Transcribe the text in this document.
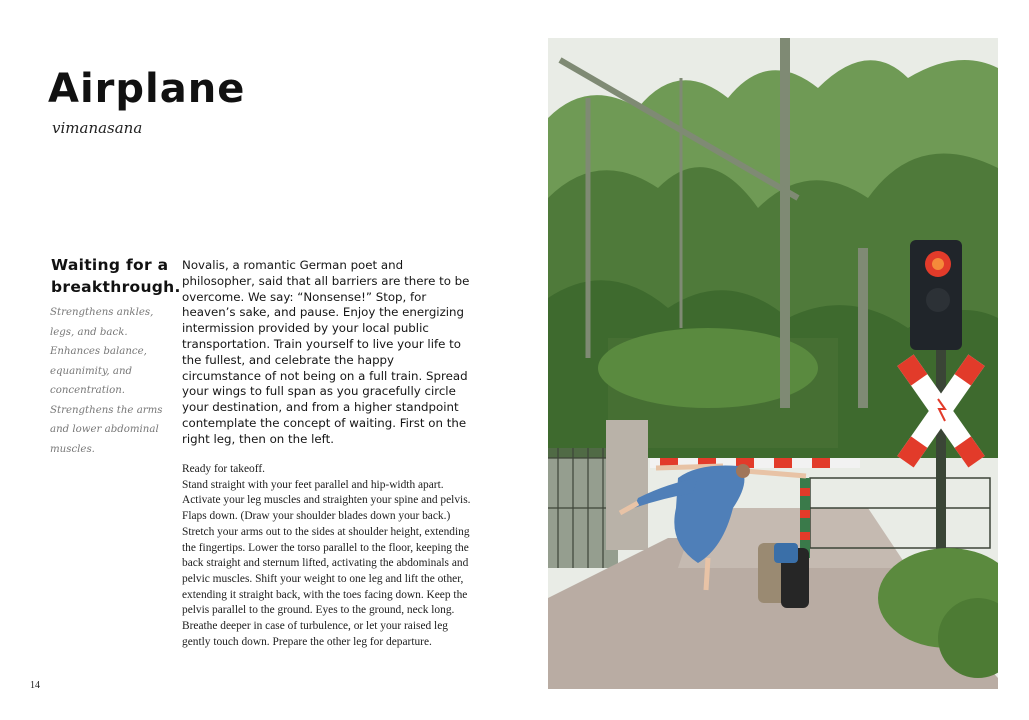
Airplane
vimanasana
Waiting for a breakthrough.
Strengthens ankles, legs, and back. Enhances balance, equanimity, and concentration. Strengthens the arms and lower abdominal muscles.
Novalis, a romantic German poet and philosopher, said that all barriers are there to be overcome. We say: “Nonsense!” Stop, for heaven’s sake, and pause. Enjoy the energizing intermission provided by your local public transportation. Train yourself to live your life to the fullest, and celebrate the happy circumstance of not being on a full train. Spread your wings to full span as you gracefully circle your destination, and from a higher standpoint contemplate the concept of waiting. First on the right leg, then on the left.
Ready for takeoff.
Stand straight with your feet parallel and hip-width apart. Activate your leg muscles and straighten your spine and pelvis.
Flaps down. (Draw your shoulder blades down your back.)
Stretch your arms out to the sides at shoulder height, extending the fingertips. Lower the torso parallel to the floor, keeping the back straight and sternum lifted, activating the abdominals and pelvic muscles. Shift your weight to one leg and lift the other, extending it straight back, with the toes facing down. Keep the pelvis parallel to the ground. Eyes to the ground, neck long.
Breathe deeper in case of turbulence, or let your raised leg gently touch down. Prepare the other leg for departure.
14
